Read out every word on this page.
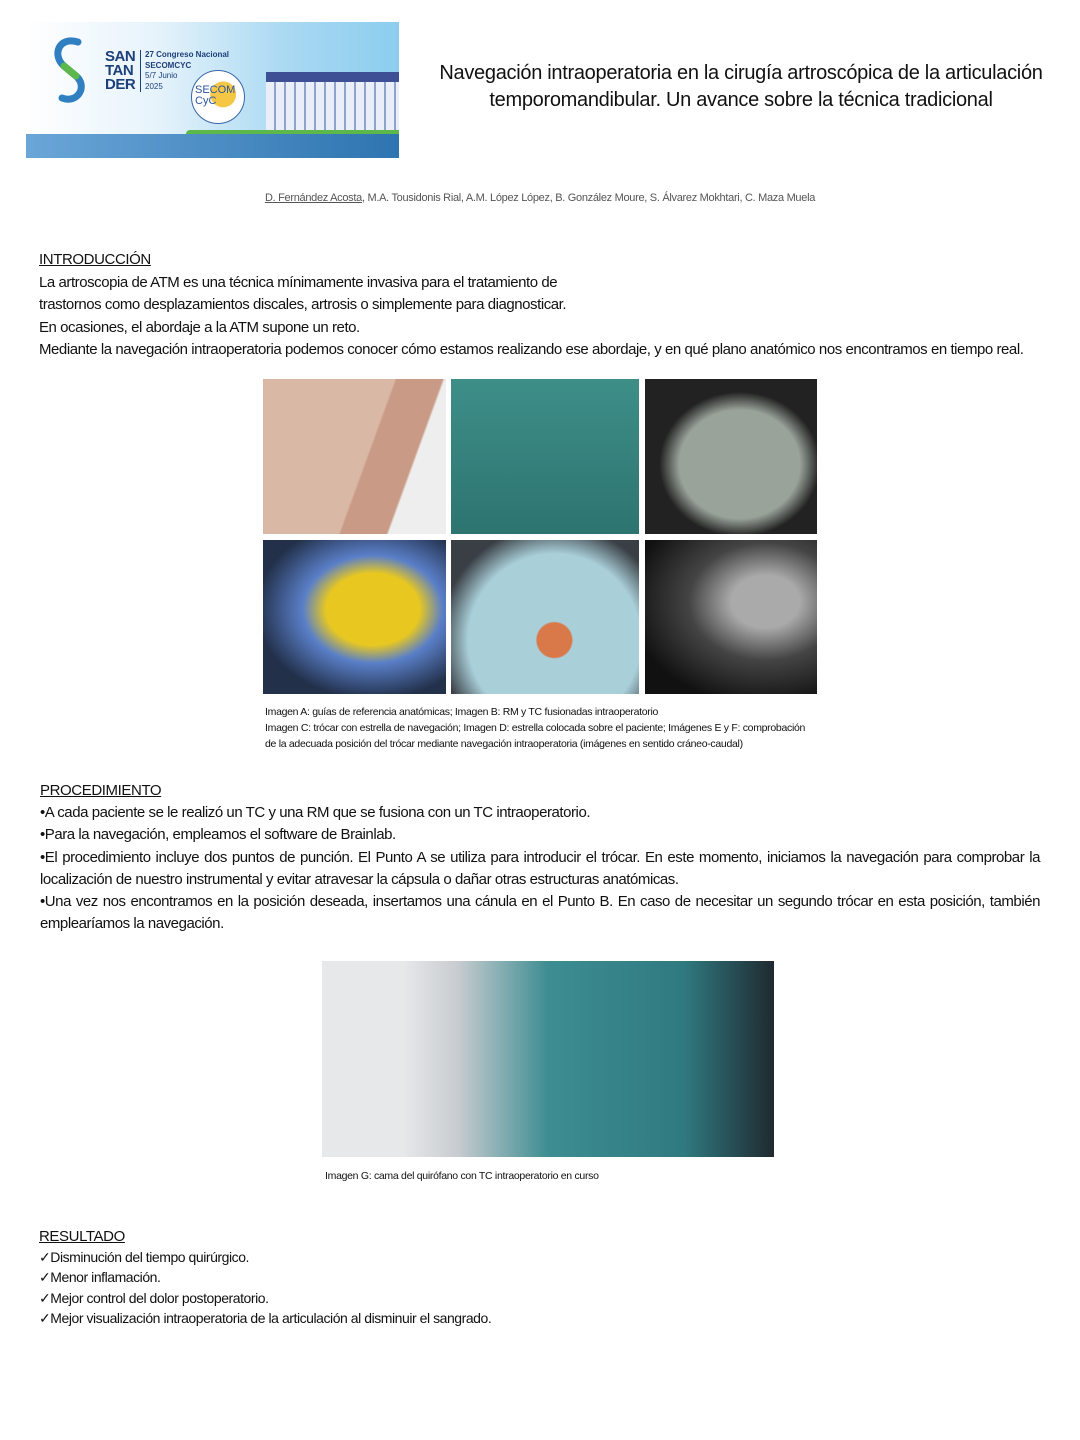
SAN
TAN
DER
27 Congreso Nacional
SECOMCYC
5/7 Junio
2025	SECOM
CyC
Navegación intraoperatoria en la cirugía artroscópica de la articulación temporomandibular. Un avance sobre la técnica tradicional
D. Fernández Acosta, M.A. Tousidonis Rial, A.M. López López, B. González Moure, S. Álvarez Mokhtari, C. Maza Muela
INTRODUCCIÓN
La artroscopia de ATM es una técnica mínimamente invasiva para el tratamiento de
trastornos como desplazamientos discales, artrosis o simplemente para diagnosticar.
En ocasiones, el abordaje a la ATM supone un reto.
Mediante la navegación intraoperatoria podemos conocer cómo estamos realizando ese abordaje, y en qué plano anatómico nos encontramos en tiempo real.
Imagen A: guías de referencia anatómicas; Imagen B: RM y TC fusionadas intraoperatorio
Imagen C: trócar con estrella de navegación; Imagen D: estrella colocada sobre el paciente; Imágenes E y F: comprobación
de la adecuada posición del trócar mediante navegación intraoperatoria (imágenes en sentido cráneo-caudal)
PROCEDIMIENTO
•A cada paciente se le realizó un TC y una RM que se fusiona con un TC intraoperatorio.
•Para la navegación, empleamos el software de Brainlab.
•El procedimiento incluye dos puntos de punción. El Punto A se utiliza para introducir el trócar. En este momento, iniciamos la navegación para comprobar la localización de nuestro instrumental y evitar atravesar la cápsula o dañar otras estructuras anatómicas.
•Una vez nos encontramos en la posición deseada, insertamos una cánula en el Punto B. En caso de necesitar un segundo trócar en esta posición, también emplearíamos la navegación.
Imagen G: cama del quirófano con TC intraoperatorio en curso
RESULTADO
✓Disminución del tiempo quirúrgico.
✓Menor inflamación.
✓Mejor control del dolor postoperatorio.
✓Mejor visualización intraoperatoria de la articulación al disminuir el sangrado.
